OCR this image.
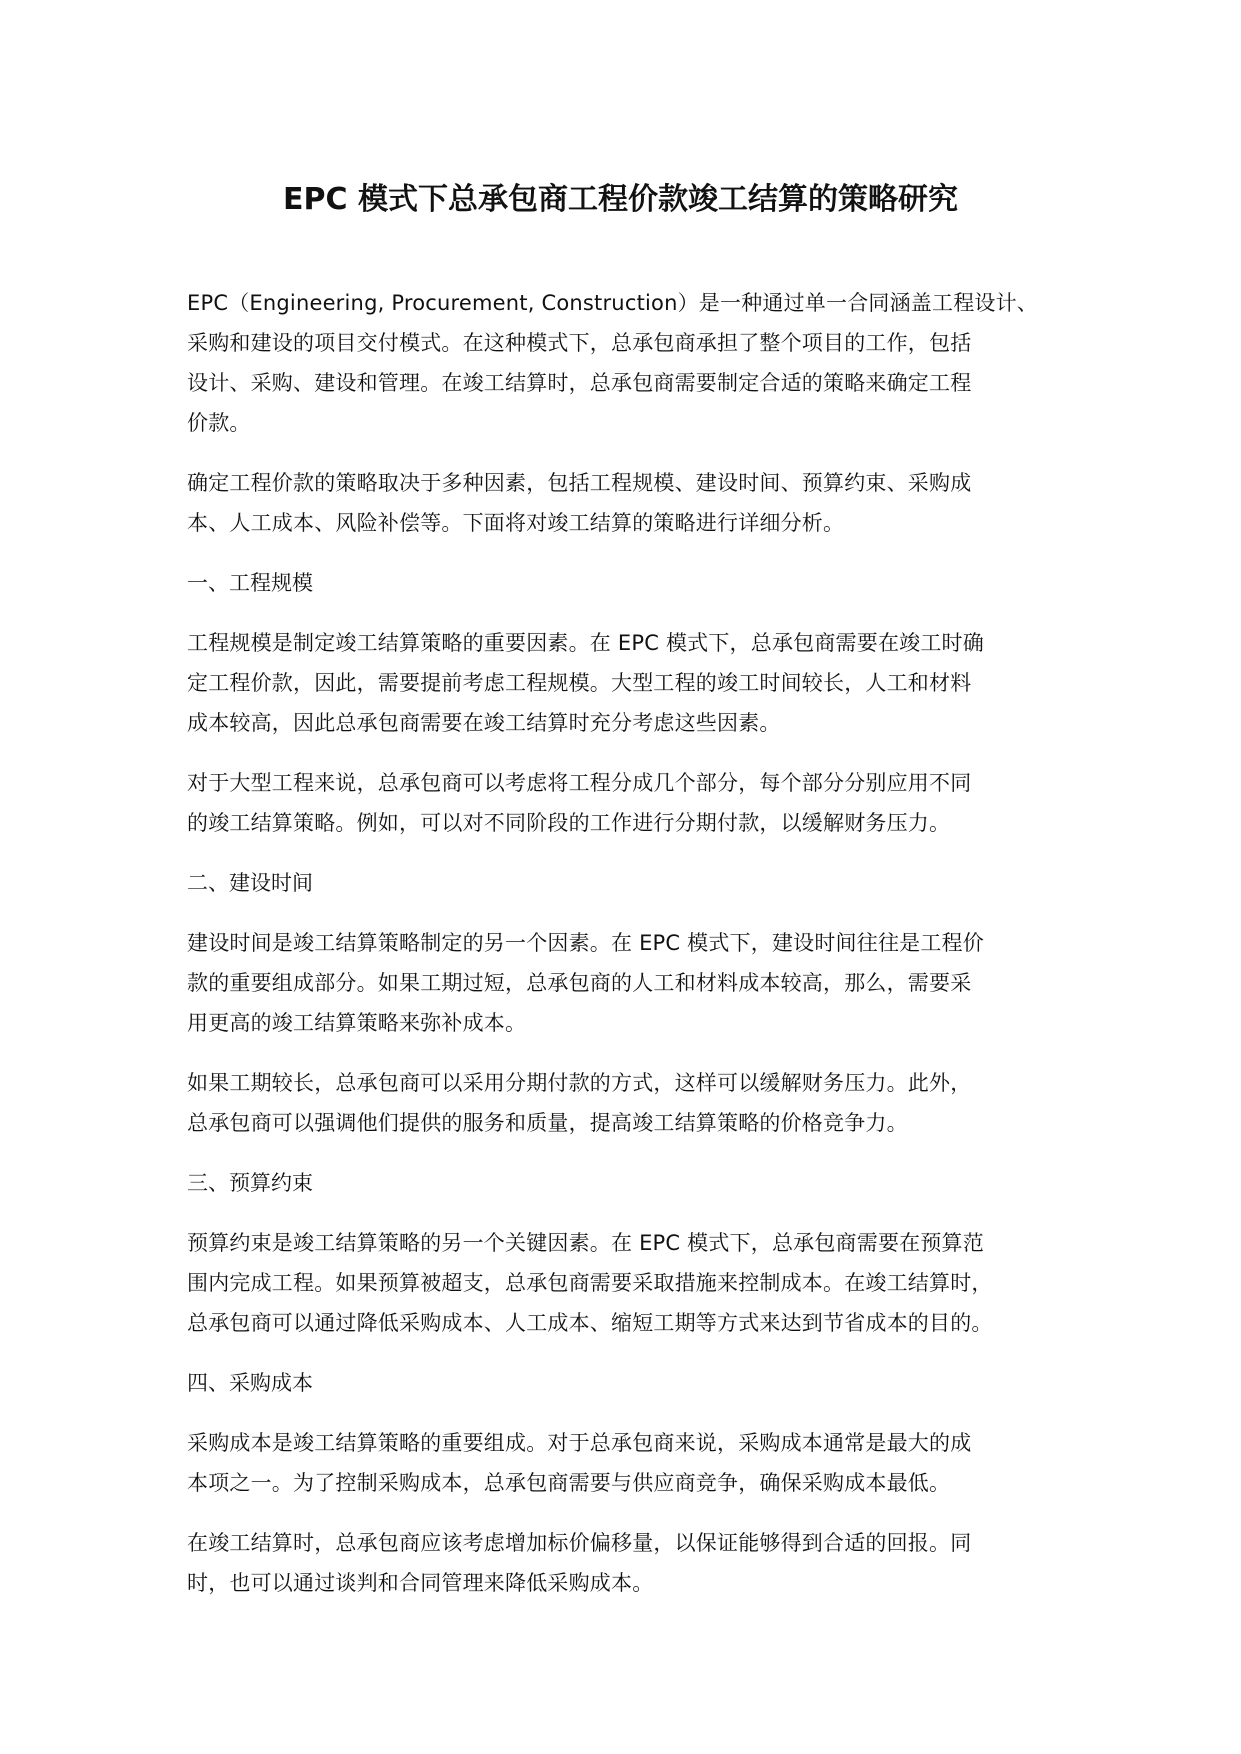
EPC 模式下总承包商工程价款竣工结算的策略研究

EPC（Engineering, Procurement, Construction）是一种通过单一合同涵盖工程设计、
采购和建设的项目交付模式。在这种模式下，总承包商承担了整个项目的工作，包括
设计、采购、建设和管理。在竣工结算时，总承包商需要制定合适的策略来确定工程
价款。

确定工程价款的策略取决于多种因素，包括工程规模、建设时间、预算约束、采购成
本、人工成本、风险补偿等。下面将对竣工结算的策略进行详细分析。

一、工程规模

工程规模是制定竣工结算策略的重要因素。在 EPC 模式下，总承包商需要在竣工时确
定工程价款，因此，需要提前考虑工程规模。大型工程的竣工时间较长，人工和材料
成本较高，因此总承包商需要在竣工结算时充分考虑这些因素。

对于大型工程来说，总承包商可以考虑将工程分成几个部分，每个部分分别应用不同
的竣工结算策略。例如，可以对不同阶段的工作进行分期付款，以缓解财务压力。

二、建设时间

建设时间是竣工结算策略制定的另一个因素。在 EPC 模式下，建设时间往往是工程价
款的重要组成部分。如果工期过短，总承包商的人工和材料成本较高，那么，需要采
用更高的竣工结算策略来弥补成本。

如果工期较长，总承包商可以采用分期付款的方式，这样可以缓解财务压力。此外，
总承包商可以强调他们提供的服务和质量，提高竣工结算策略的价格竞争力。

三、预算约束

预算约束是竣工结算策略的另一个关键因素。在 EPC 模式下，总承包商需要在预算范
围内完成工程。如果预算被超支，总承包商需要采取措施来控制成本。在竣工结算时，
总承包商可以通过降低采购成本、人工成本、缩短工期等方式来达到节省成本的目的。

四、采购成本

采购成本是竣工结算策略的重要组成。对于总承包商来说，采购成本通常是最大的成
本项之一。为了控制采购成本，总承包商需要与供应商竞争，确保采购成本最低。

在竣工结算时，总承包商应该考虑增加标价偏移量，以保证能够得到合适的回报。同
时，也可以通过谈判和合同管理来降低采购成本。
